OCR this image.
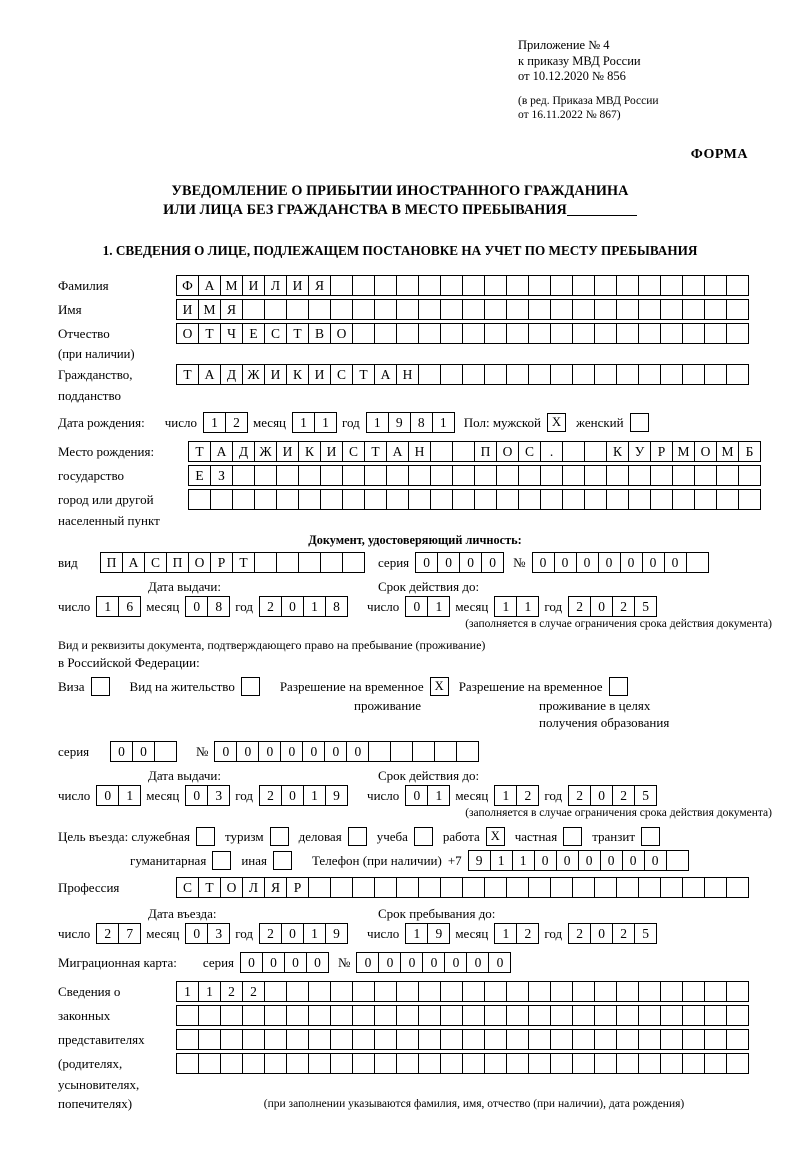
Приложение № 4
к приказу МВД России
от 10.12.2020 № 856
(в ред. Приказа МВД России
от 16.11.2022 № 867)
ФОРМА
УВЕДОМЛЕНИЕ О ПРИБЫТИИ ИНОСТРАННОГО ГРАЖДАНИНА
ИЛИ ЛИЦА БЕЗ ГРАЖДАНСТВА В МЕСТО ПРЕБЫВАНИЯ
1. СВЕДЕНИЯ О ЛИЦЕ, ПОДЛЕЖАЩЕМ ПОСТАНОВКЕ НА УЧЕТ ПО МЕСТУ ПРЕБЫВАНИЯ
Фамилия	Ф А М И Л И Я
Имя	И М Я
Отчество	О Т Ч Е С Т В О
(при наличии)
Гражданство,	Т А Д Ж И К И С Т А Н
подданство
Дата рождения: число	1	2	месяц	1	1	год	1	9	8	1	Пол: мужской Х	женский
Место рождения:	Т А Д Ж И К И С Т А Н	П О С	.	К У Р М О М Б
государство	Е	З
город или другой
населенный пункт
Документ, удостоверяющий личность:
вид	П А С П О Р	Т	серия	0	0	0	0	№	0	0	0	0	0	0	0
Дата выдачи:	Срок действия до:
число	1	6	месяц	0	8	год	2	0	1	8	число	0	1	месяц	1	1	год	2	0	2	5
(заполняется в случае ограничения срока действия документа)
Вид и реквизиты документа, подтверждающего право на пребывание (проживание)
в Российской Федерации:
Виза	Вид на жительство	Разрешение на временное Х	Разрешение на временное
проживание	проживание в целях
получения образования
серия	0	0	№	0	0	0	0	0	0	0
Дата выдачи:	Срок действия до:
число	0	1	месяц	0	3	год	2	0	1	9	число	0	1	месяц	1	2	год	2	0	2	5
(заполняется в случае ограничения срока действия документа)
Цель въезда: служебная	туризм	деловая	учеба	работа Х	частная	транзит
гуманитарная	иная	Телефон (при наличии) +7	9	1	1	0	0	0	0	0	0
Профессия	С Т О Л Я	Р
Дата въезда:	Срок пребывания до:
число	2	7	месяц	0	3	год	2	0	1	9	число	1	9	месяц	1	2	год	2	0	2	5
Миграционная карта: серия	0	0	0	0	№	0	0	0	0	0	0	0
Сведения о	1	1	2	2
законных
представителях
(родителях,
усыновителях,
попечителях)	(при заполнении указываются фамилия, имя, отчество (при наличии), дата рождения)
